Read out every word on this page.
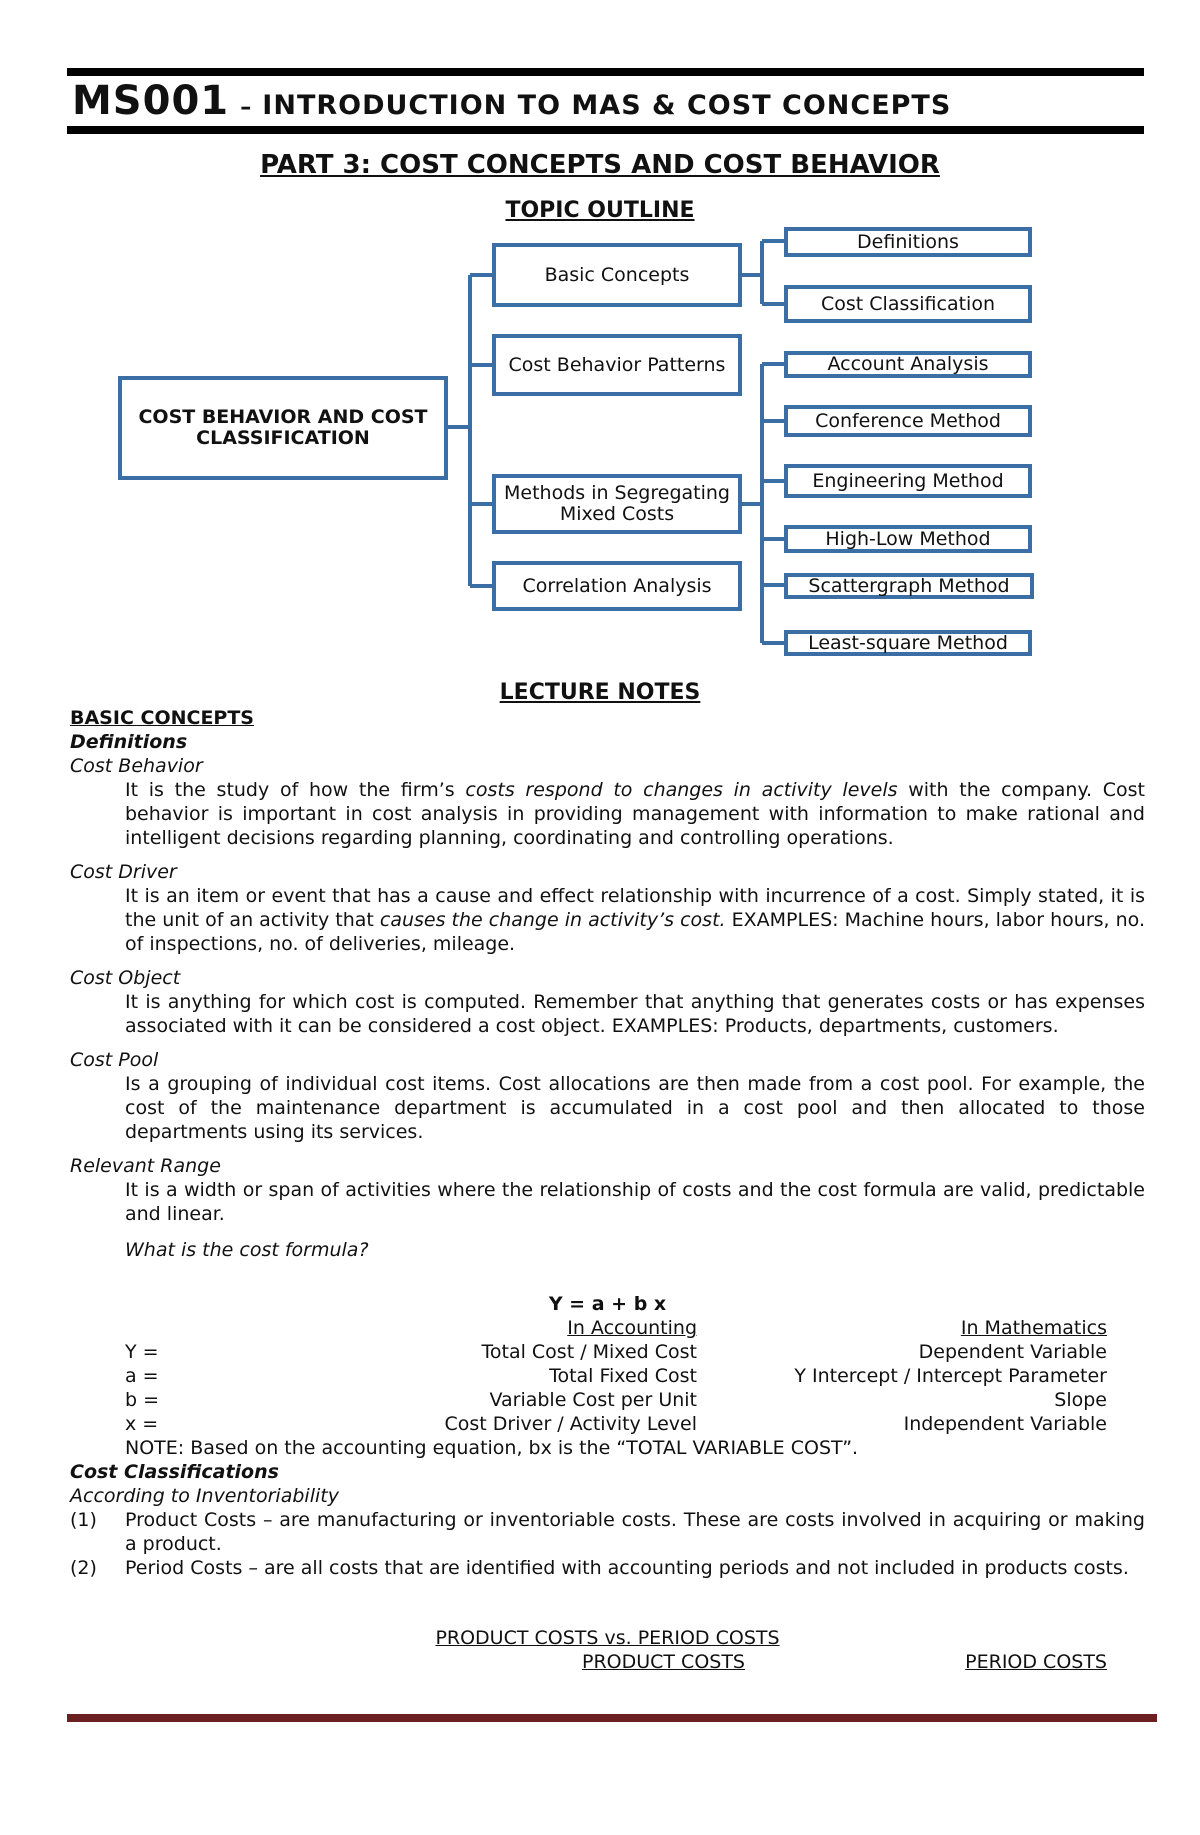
MS001 – INTRODUCTION TO MAS & COST CONCEPTS
PART 3: COST CONCEPTS AND COST BEHAVIOR
TOPIC OUTLINE
COST BEHAVIOR AND COST CLASSIFICATION
Basic Concepts
Cost Behavior Patterns
Methods in Segregating Mixed Costs
Correlation Analysis
Definitions
Cost Classification
Account Analysis
Conference Method
Engineering Method
High-Low Method
Scattergraph Method
Least-square Method
LECTURE NOTES
BASIC CONCEPTS
Definitions
Cost Behavior
It is the study of how the firm’s costs respond to changes in activity levels with the company. Cost behavior is important in cost analysis in providing management with information to make rational and intelligent decisions regarding planning, coordinating and controlling operations.
Cost Driver
It is an item or event that has a cause and effect relationship with incurrence of a cost. Simply stated, it is the unit of an activity that causes the change in activity’s cost. EXAMPLES: Machine hours, labor hours, no. of inspections, no. of deliveries, mileage.
Cost Object
It is anything for which cost is computed. Remember that anything that generates costs or has expenses associated with it can be considered a cost object. EXAMPLES: Products, departments, customers.
Cost Pool
Is a grouping of individual cost items. Cost allocations are then made from a cost pool. For example, the cost of the maintenance department is accumulated in a cost pool and then allocated to those departments using its services.
Relevant Range
It is a width or span of activities where the relationship of costs and the cost formula are valid, predictable and linear.
What is the cost formula?
Y = a + b x
In Accounting	In Mathematics
Y =	Total Cost / Mixed Cost	Dependent Variable
a =	Total Fixed Cost	Y Intercept / Intercept Parameter
b =	Variable Cost per Unit	Slope
x =	Cost Driver / Activity Level	Independent Variable
NOTE: Based on the accounting equation, bx is the “TOTAL VARIABLE COST”.
Cost Classifications
According to Inventoriability
(1) Product Costs – are manufacturing or inventoriable costs. These are costs involved in acquiring or making a product.
(2) Period Costs – are all costs that are identified with accounting periods and not included in products costs.
PRODUCT COSTS vs. PERIOD COSTS
PRODUCT COSTS	PERIOD COSTS
